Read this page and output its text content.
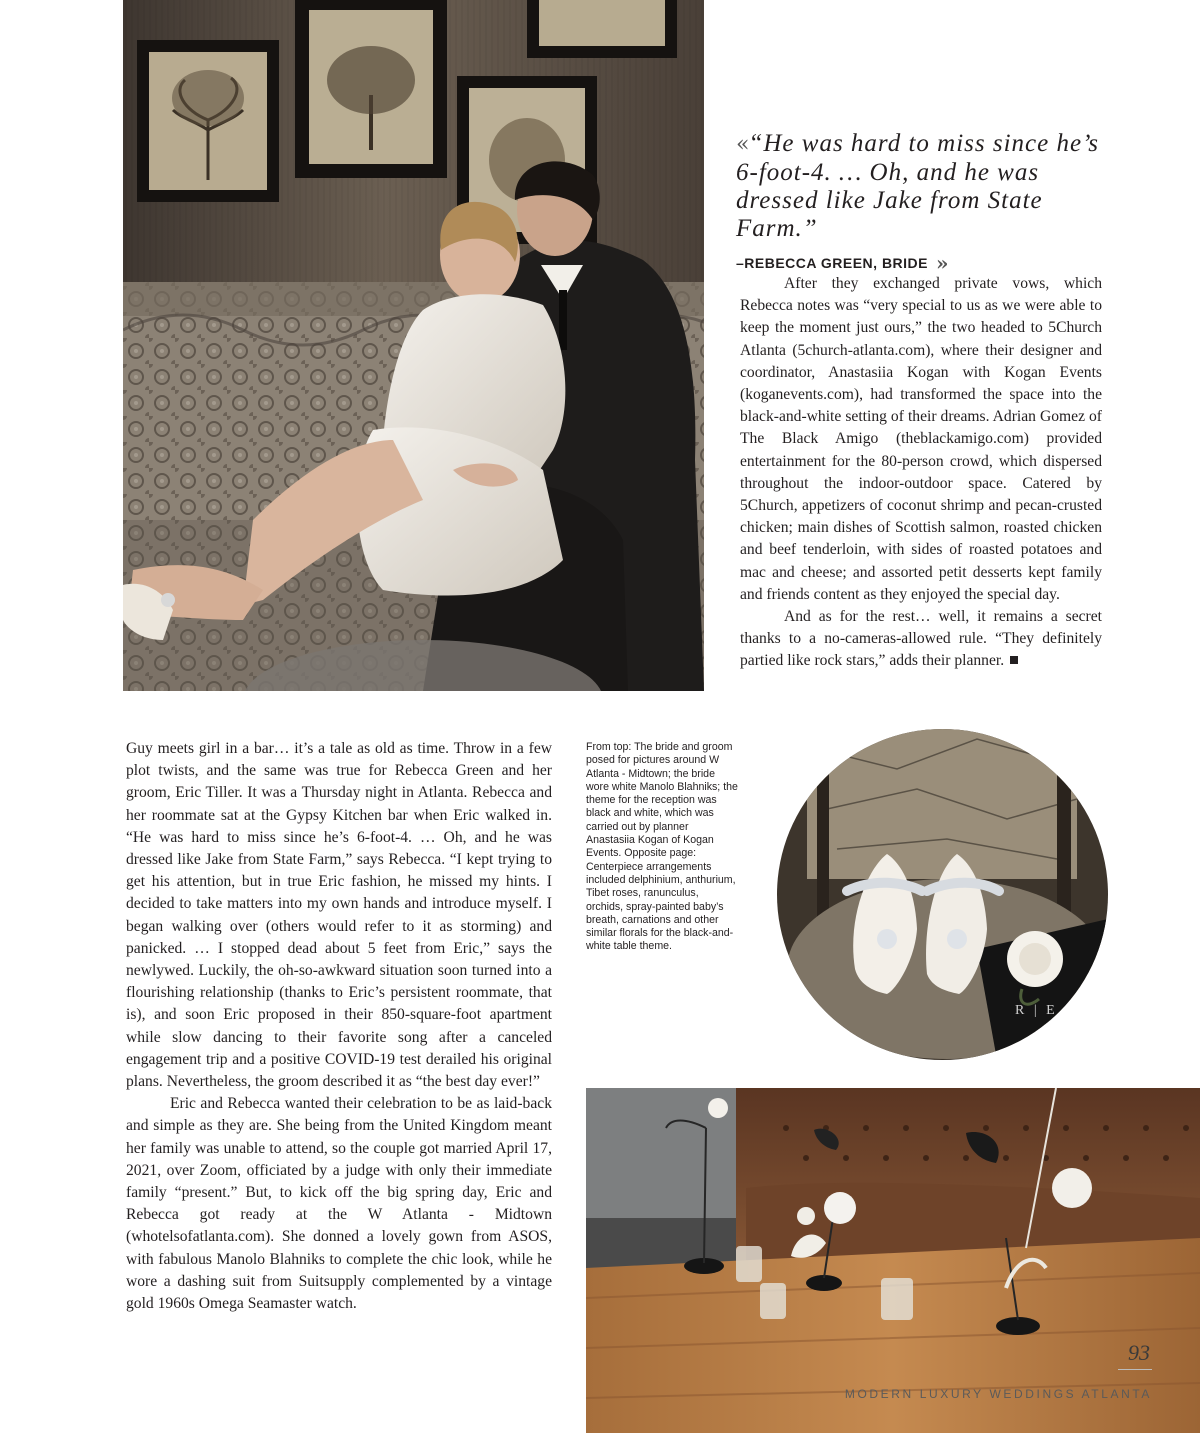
«“He was hard to miss since he’s 6-foot-4. … Oh, and he was dressed like Jake from State Farm.”
–REBECCA GREEN, BRIDE »

After they exchanged private vows, which Rebecca notes was “very special to us as we were able to keep the moment just ours,” the two headed to 5Church Atlanta (5church-atlanta.com), where their designer and coordinator, Anastasiia Kogan with Kogan Events (koganevents.com), had transformed the space into the black-and-white setting of their dreams. Adrian Gomez of The Black Amigo (theblackamigo.com) provided entertainment for the 80-person crowd, which dispersed throughout the indoor-outdoor space. Catered by 5Church, appetizers of coconut shrimp and pecan-crusted chicken; main dishes of Scottish salmon, roasted chicken and beef tenderloin, with sides of roasted potatoes and mac and cheese; and assorted petit desserts kept family and friends content as they enjoyed the special day.

And as for the rest… well, it remains a secret thanks to a no-cameras-allowed rule. “They definitely partied like rock stars,” adds their planner.

Guy meets girl in a bar… it’s a tale as old as time. Throw in a few plot twists, and the same was true for Rebecca Green and her groom, Eric Tiller. It was a Thursday night in Atlanta. Rebecca and her roommate sat at the Gypsy Kitchen bar when Eric walked in. “He was hard to miss since he’s 6-foot-4. … Oh, and he was dressed like Jake from State Farm,” says Rebecca. “I kept trying to get his attention, but in true Eric fashion, he missed my hints. I decided to take matters into my own hands and introduce myself. I began walking over (others would refer to it as storming) and panicked. … I stopped dead about 5 feet from Eric,” says the newlywed. Luckily, the oh-so-awkward situation soon turned into a flourishing relationship (thanks to Eric’s persistent roommate, that is), and soon Eric proposed in their 850-square-foot apartment while slow dancing to their favorite song after a canceled engagement trip and a positive COVID-19 test derailed his original plans. Nevertheless, the groom described it as “the best day ever!”

Eric and Rebecca wanted their celebration to be as laid-back and simple as they are. She being from the United Kingdom meant her family was unable to attend, so the couple got married April 17, 2021, over Zoom, officiated by a judge with only their immediate family “present.” But, to kick off the big spring day, Eric and Rebecca got ready at the W Atlanta - Midtown (whotelsofatlanta.com). She donned a lovely gown from ASOS, with fabulous Manolo Blahniks to complete the chic look, while he wore a dashing suit from Suitsupply complemented by a vintage gold 1960s Omega Seamaster watch.

From top: The bride and groom posed for pictures around W Atlanta - Midtown; the bride wore white Manolo Blahniks; the theme for the reception was black and white, which was carried out by planner Anastasiia Kogan of Kogan Events. Opposite page: Centerpiece arrangements included delphinium, anthurium, Tibet roses, ranunculus, orchids, spray-painted baby’s breath, carnations and other similar florals for the black-and-white table theme.
R | E
93
MODERN LUXURY WEDDINGS ATLANTA
